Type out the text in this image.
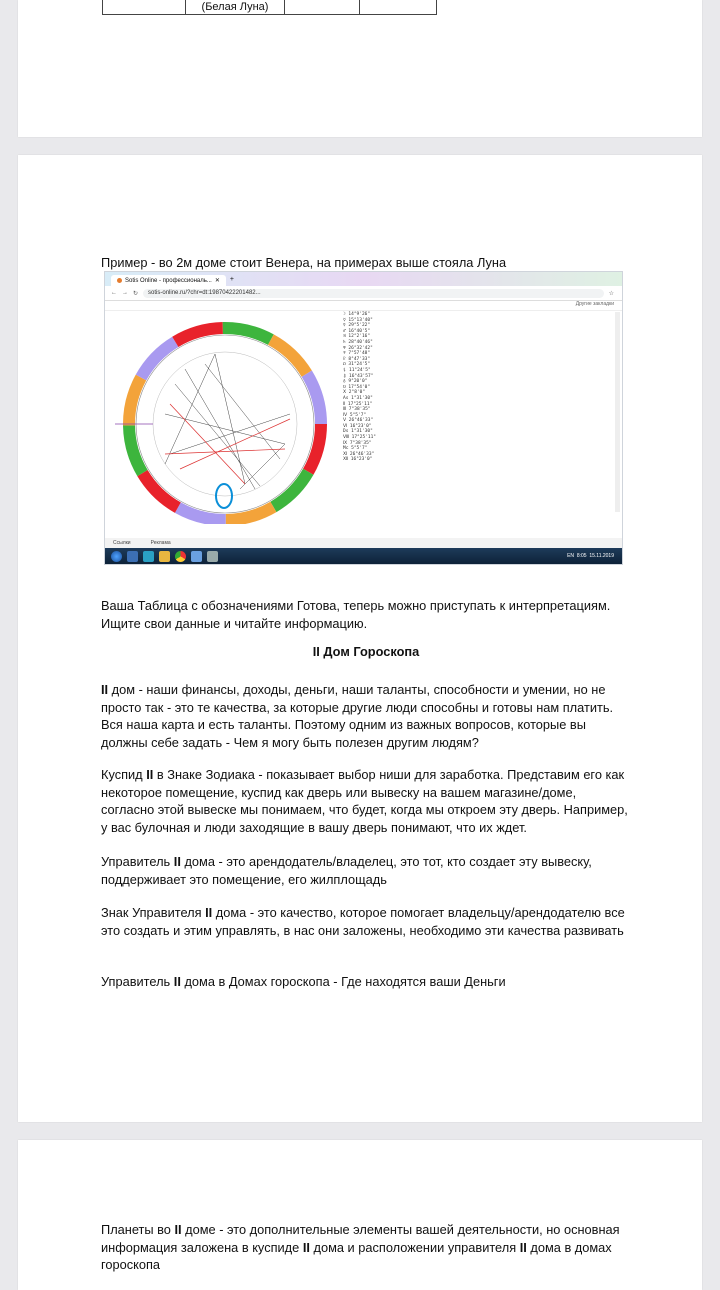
	(Белая Луна)		
Пример - во 2м доме стоит Венера, на примерах выше стояла Луна
Sotis Online - профессиональ... ✕ +
← → ↻ sotis-online.ru/?chr=dt:19870422201482...	☆
Другие закладки
☽ 14°9'26"
☿ 15°13'40"
♀ 29°5'22"
♂ 16°40'5"
♃ 12°2'16"
♄ 28°40'46"
♅ 26°32'42"
♆ 7°57'48"
♇ 8°47'33"
☊ 31°24'5"
⚸ 11°24'5"
⚷ 16°43'57"
♁ 9°20'0"
☋ 17°54'0"
Ⅹ 2°8'0"
As 1°31'30"
Ⅱ 17°25'11"
Ⅲ 7°38'35"
Ⅳ 5°5'7"
Ⅴ 26°46'33"
Ⅵ 16°23'0"
Ds 1°31'30"
Ⅷ 17°25'11"
Ⅸ 7°38'35"
Mc 5°5'7"
Ⅺ 26°46'33"
Ⅻ 16°23'0"
Ссылки	Реклама
EN 8:05 15.11.2019
Ваша Таблица с обозначениями Готова, теперь можно приступать к интерпретациям. Ищите свои данные и читайте информацию.
II Дом Гороскопа
II дом - наши финансы, доходы, деньги, наши таланты, способности и умении, но не просто так - это те качества, за которые другие люди способны и готовы нам платить. Вся наша карта и есть таланты. Поэтому одним из важных вопросов, которые вы должны себе задать - Чем я могу быть полезен другим людям?
Куспид II в Знаке Зодиака - показывает выбор ниши для заработка. Представим его как некоторое помещение, куспид как дверь или вывеску на вашем магазине/доме, согласно этой вывеске мы понимаем, что будет, когда мы откроем эту дверь. Например, у вас булочная и люди заходящие в вашу дверь понимают, что их ждет.
Управитель II дома - это арендодатель/владелец, это тот, кто создает эту вывеску, поддерживает это помещение, его жилплощадь
Знак Управителя II дома - это качество, которое помогает владельцу/арендодателю все это создать и этим управлять, в нас они заложены, необходимо эти качества развивать
Управитель II дома в Домах гороскопа - Где находятся ваши Деньги
Планеты во II доме - это дополнительные элементы вашей деятельности, но основная информация заложена в куспиде II дома и расположении управителя II дома в домах гороскопа
